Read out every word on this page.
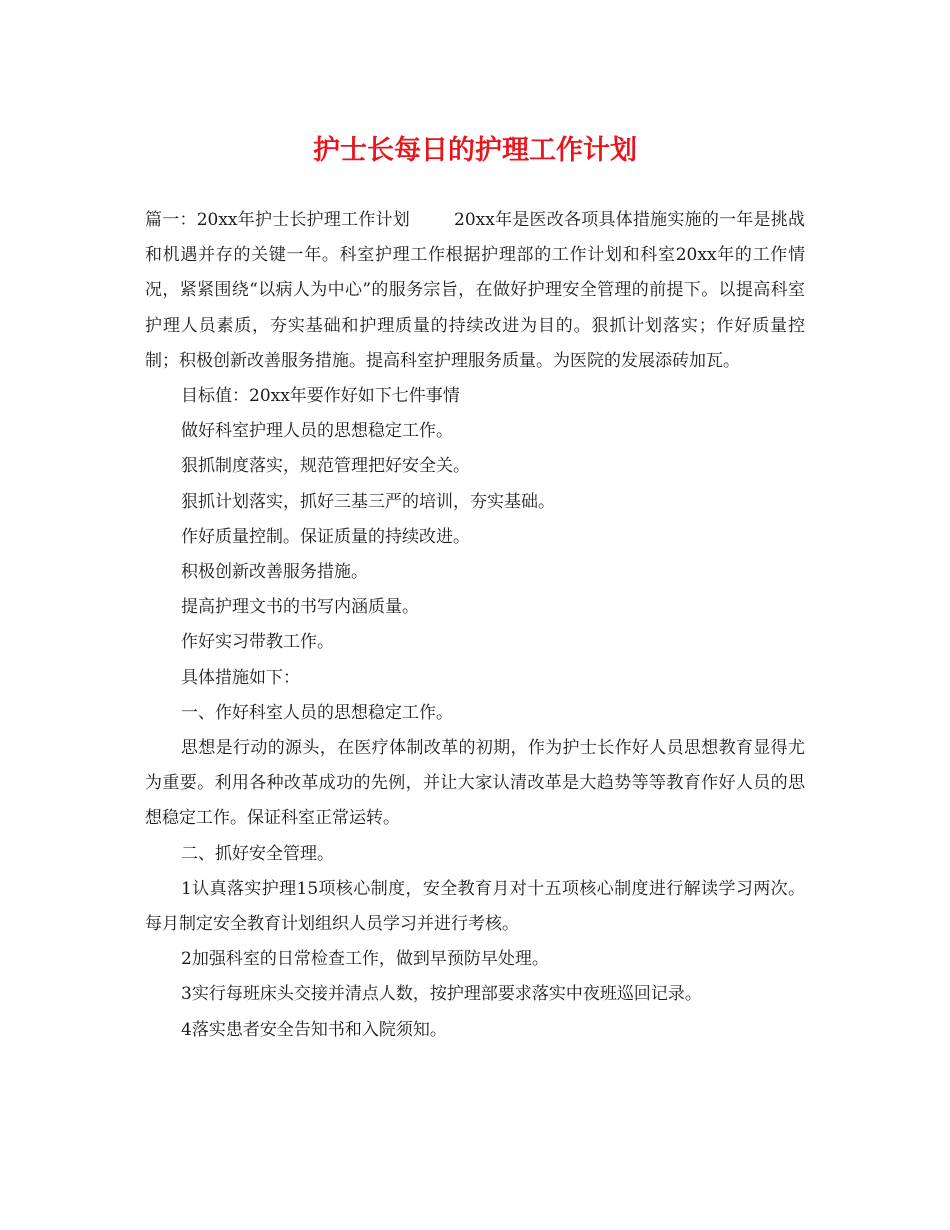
护士长每日的护理工作计划

篇一：20xx年护士长护理工作计划	20xx年是医改各项具体措施实施的一年是挑战和机遇并存的关键一年。科室护理工作根据护理部的工作计划和科室20xx年的工作情况，紧紧围绕“以病人为中心”的服务宗旨，在做好护理安全管理的前提下。以提高科室护理人员素质，夯实基础和护理质量的持续改进为目的。狠抓计划落实；作好质量控制；积极创新改善服务措施。提高科室护理服务质量。为医院的发展添砖加瓦。

目标值：20xx年要作好如下七件事情

做好科室护理人员的思想稳定工作。

狠抓制度落实，规范管理把好安全关。

狠抓计划落实，抓好三基三严的培训，夯实基础。

作好质量控制。保证质量的持续改进。

积极创新改善服务措施。

提高护理文书的书写内涵质量。

作好实习带教工作。

具体措施如下：

一、作好科室人员的思想稳定工作。

思想是行动的源头，在医疗体制改革的初期，作为护士长作好人员思想教育显得尤为重要。利用各种改革成功的先例，并让大家认清改革是大趋势等等教育作好人员的思想稳定工作。保证科室正常运转。

二、抓好安全管理。

1认真落实护理15项核心制度，安全教育月对十五项核心制度进行解读学习两次。每月制定安全教育计划组织人员学习并进行考核。

2加强科室的日常检查工作，做到早预防早处理。

3实行每班床头交接并清点人数，按护理部要求落实中夜班巡回记录。

4落实患者安全告知书和入院须知。
